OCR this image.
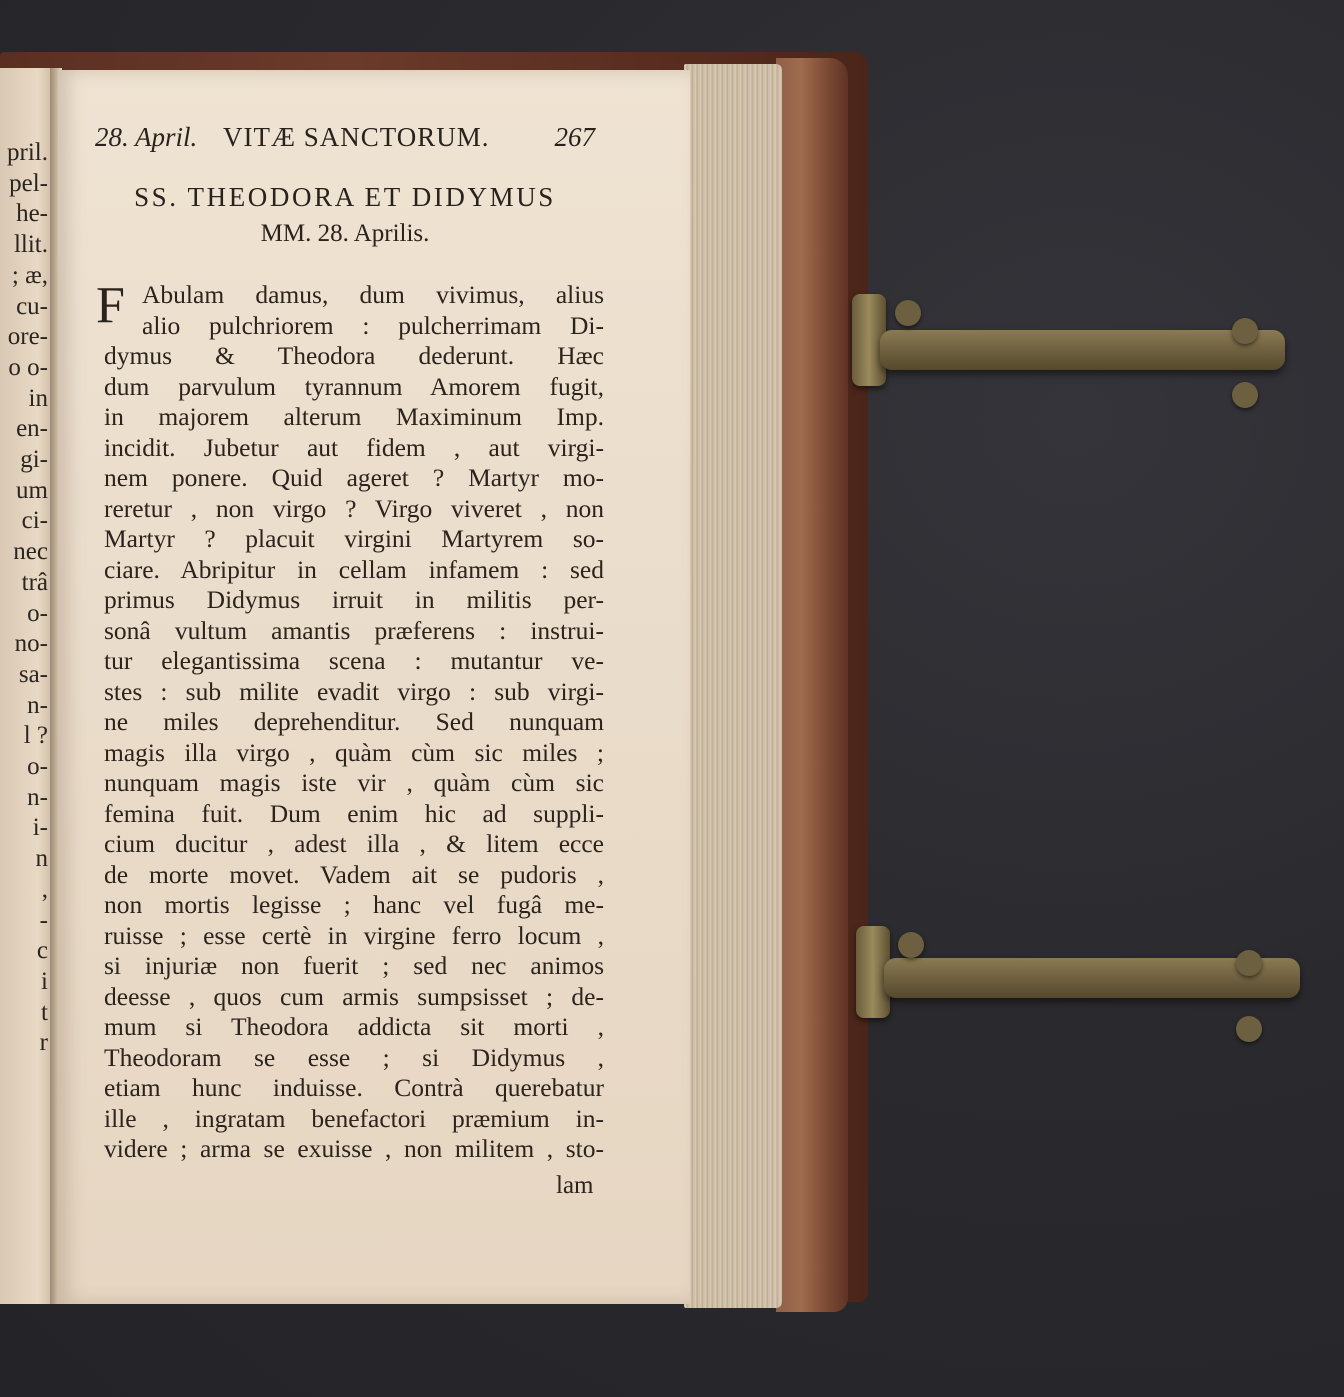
pril.
pel-
he-
llit.
; æ,
cu-
ore-
o o-
in
en-
gi-
um
ci-
nec
trâ
o-
no-
sa-
n-
l ?
o-
n-
i-
n
,
-
c
i
t
r
28. April. VITÆ SANCTORUM. 267
SS. THEODORA ET DIDYMUS
MM. 28. Aprilis.
F Abulam damus, dum vivimus, alius
alio pulchriorem : pulcherrimam Di-
dymus & Theodora dederunt. Hæc
dum parvulum tyrannum Amorem fugit,
in majorem alterum Maximinum Imp.
incidit. Jubetur aut fidem , aut virgi-
nem ponere. Quid ageret ? Martyr mo-
reretur , non virgo ? Virgo viveret , non
Martyr ? placuit virgini Martyrem so-
ciare. Abripitur in cellam infamem : sed
primus Didymus irruit in militis per-
sonâ vultum amantis præferens : instrui-
tur elegantissima scena : mutantur ve-
stes : sub milite evadit virgo : sub virgi-
ne miles deprehenditur. Sed nunquam
magis illa virgo , quàm cùm sic miles ;
nunquam magis iste vir , quàm cùm sic
femina fuit. Dum enim hic ad suppli-
cium ducitur , adest illa , & litem ecce
de morte movet. Vadem ait se pudoris ,
non mortis legisse ; hanc vel fugâ me-
ruisse ; esse certè in virgine ferro locum ,
si injuriæ non fuerit ; sed nec animos
deesse , quos cum armis sumpsisset ; de-
mum si Theodora addicta sit morti ,
Theodoram se esse ; si Didymus ,
etiam hunc induisse. Contrà querebatur
ille , ingratam benefactori præmium in-
videre ; arma se exuisse , non militem , sto-
lam
